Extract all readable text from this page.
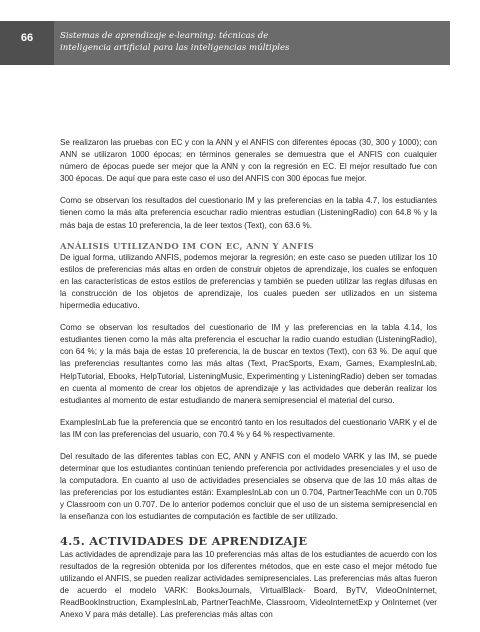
66	Sistemas de aprendizaje e-learning: técnicas de
inteligencia artificial para las inteligencias múltiples

Se realizaron las pruebas con EC y con la ANN y el ANFIS con diferentes épocas (30, 300 y 1000); con ANN se utilizaron 1000 épocas; en términos generales se demuestra que el ANFIS con cualquier número de épocas puede ser mejor que la ANN y con la regresión en EC. El mejor resultado fue con 300 épocas. De aquí que para este caso el uso del ANFIS con 300 épocas fue mejor.

Como se observan los resultados del cuestionario IM y las preferencias en la tabla 4.7, los estudiantes tienen como la más alta preferencia escuchar radio mientras estudian (ListeningRadio) con 64.8 % y la más baja de estas 10 preferencia, la de leer textos (Text), con 63.6 %.

ANÁLISIS UTILIZANDO IM CON EC, ANN Y ANFIS

De igual forma, utilizando ANFIS, podemos mejorar la regresión; en este caso se pueden utilizar los 10 estilos de preferencias más altas en orden de construir objetos de aprendizaje, los cuales se enfoquen en las características de estos estilos de preferencias y también se pueden utilizar las reglas difusas en la construcción de los objetos de aprendizaje, los cuales pueden ser utilizados en un sistema hipermedia educativo.

Como se observan los resultados del cuestionario de IM y las preferencias en la tabla 4.14, los estudiantes tienen como la más alta preferencia el escuchar la radio cuando estudian (ListeningRadio), con 64 %; y la más baja de estas 10 preferencia, la de buscar en textos (Text), con 63 %. De aquí que las preferencias resultantes como las más altas (Text, PracSports, Exam, Games, ExamplesInLab, HelpTutorial, Ebooks, HelpTutorial, ListeningMusic, Experimenting y ListeningRadio) deben ser tomadas en cuenta al momento de crear los objetos de aprendizaje y las actividades que deberán realizar los estudiantes al momento de estar estudiando de manera semipresencial el material del curso.

ExamplesInLab fue la preferencia que se encontró tanto en los resultados del cuestionario VARK y el de las IM con las preferencias del usuario, con 70.4 % y 64 % respectivamente.

Del resultado de las diferentes tablas con EC, ANN y ANFIS con el modelo VARK y las IM, se puede determinar que los estudiantes continúan teniendo preferencia por actividades presenciales y el uso de la computadora. En cuanto al uso de actividades presenciales se observa que de las 10 más altas de las preferencias por los estudiantes están: ExamplesInLab con un 0.704, PartnerTeachMe con un 0.705 y Classroom con un 0.707. De lo anterior podemos concluir que el uso de un sistema semipresencial en la enseñanza con los estudiantes de computación es factible de ser utilizado.

4.5. ACTIVIDADES DE APRENDIZAJE

Las actividades de aprendizaje para las 10 preferencias más altas de los estudiantes de acuerdo con los resultados de la regresión obtenida por los diferentes métodos, que en este caso el mejor método fue utilizando el ANFIS, se pueden realizar actividades semipresenciales. Las preferencias más altas fueron de acuerdo el modelo VARK: BooksJournals, VirtualBlack- Board, ByTV, VideoOnInternet, ReadBookInstruction, ExamplesInLab, PartnerTeachMe, Classroom, VideoInternetExp y OnInternet (ver Anexo V para más detalle). Las preferencias más altas con
